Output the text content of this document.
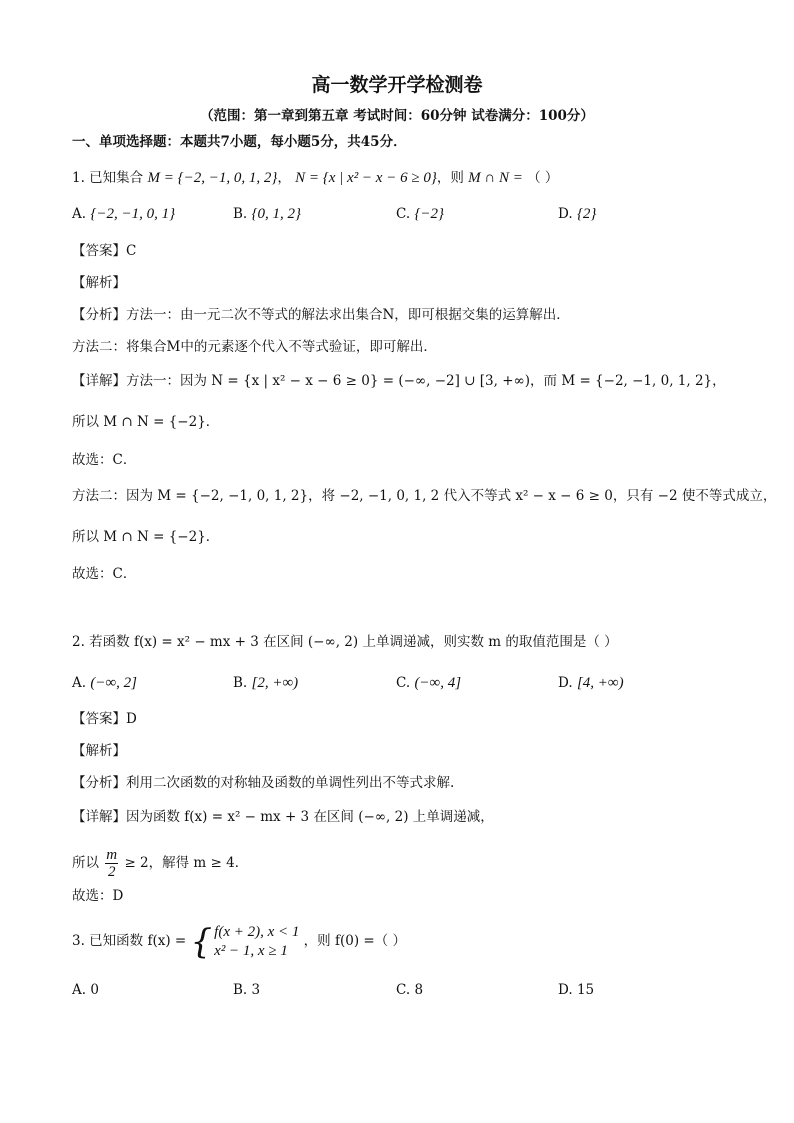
高一数学开学检测卷
（范围：第一章到第五章 考试时间：60分钟 试卷满分：100分）
一、单项选择题：本题共7小题，每小题5分，共45分．
1. 已知集合 M = {−2, −1, 0, 1, 2}， N = {x | x² − x − 6 ≥ 0}，则 M ∩ N = （ ）
A. {−2, −1, 0, 1}	B. {0, 1, 2}	C. {−2}	D. {2}
【答案】C
【解析】
【分析】方法一：由一元二次不等式的解法求出集合N，即可根据交集的运算解出．
方法二：将集合M中的元素逐个代入不等式验证，即可解出．
【详解】方法一：因为 N = {x | x² − x − 6 ≥ 0} = (−∞, −2] ∪ [3, +∞)，而 M = {−2, −1, 0, 1, 2}，
所以 M ∩ N = {−2}．
故选：C．
方法二：因为 M = {−2, −1, 0, 1, 2}，将 −2, −1, 0, 1, 2 代入不等式 x² − x − 6 ≥ 0，只有 −2 使不等式成立，
所以 M ∩ N = {−2}．
故选：C．
2. 若函数 f(x) = x² − mx + 3 在区间 (−∞, 2) 上单调递减，则实数 m 的取值范围是（ ）
A. (−∞, 2]	B. [2, +∞)	C. (−∞, 4]	D. [4, +∞)
【答案】D
【解析】
【分析】利用二次函数的对称轴及函数的单调性列出不等式求解.
【详解】因为函数 f(x) = x² − mx + 3 在区间 (−∞, 2) 上单调递减，
所以 $\frac{m}{2} \ge 2$，解得 m ≥ 4．
故选：D
3. 已知函数 f(x) = { f(x + 2), x < 1
x² − 1, x ≥ 1
，则 f(0) =（ ）
A. 0	B. 3	C. 8	D. 15
